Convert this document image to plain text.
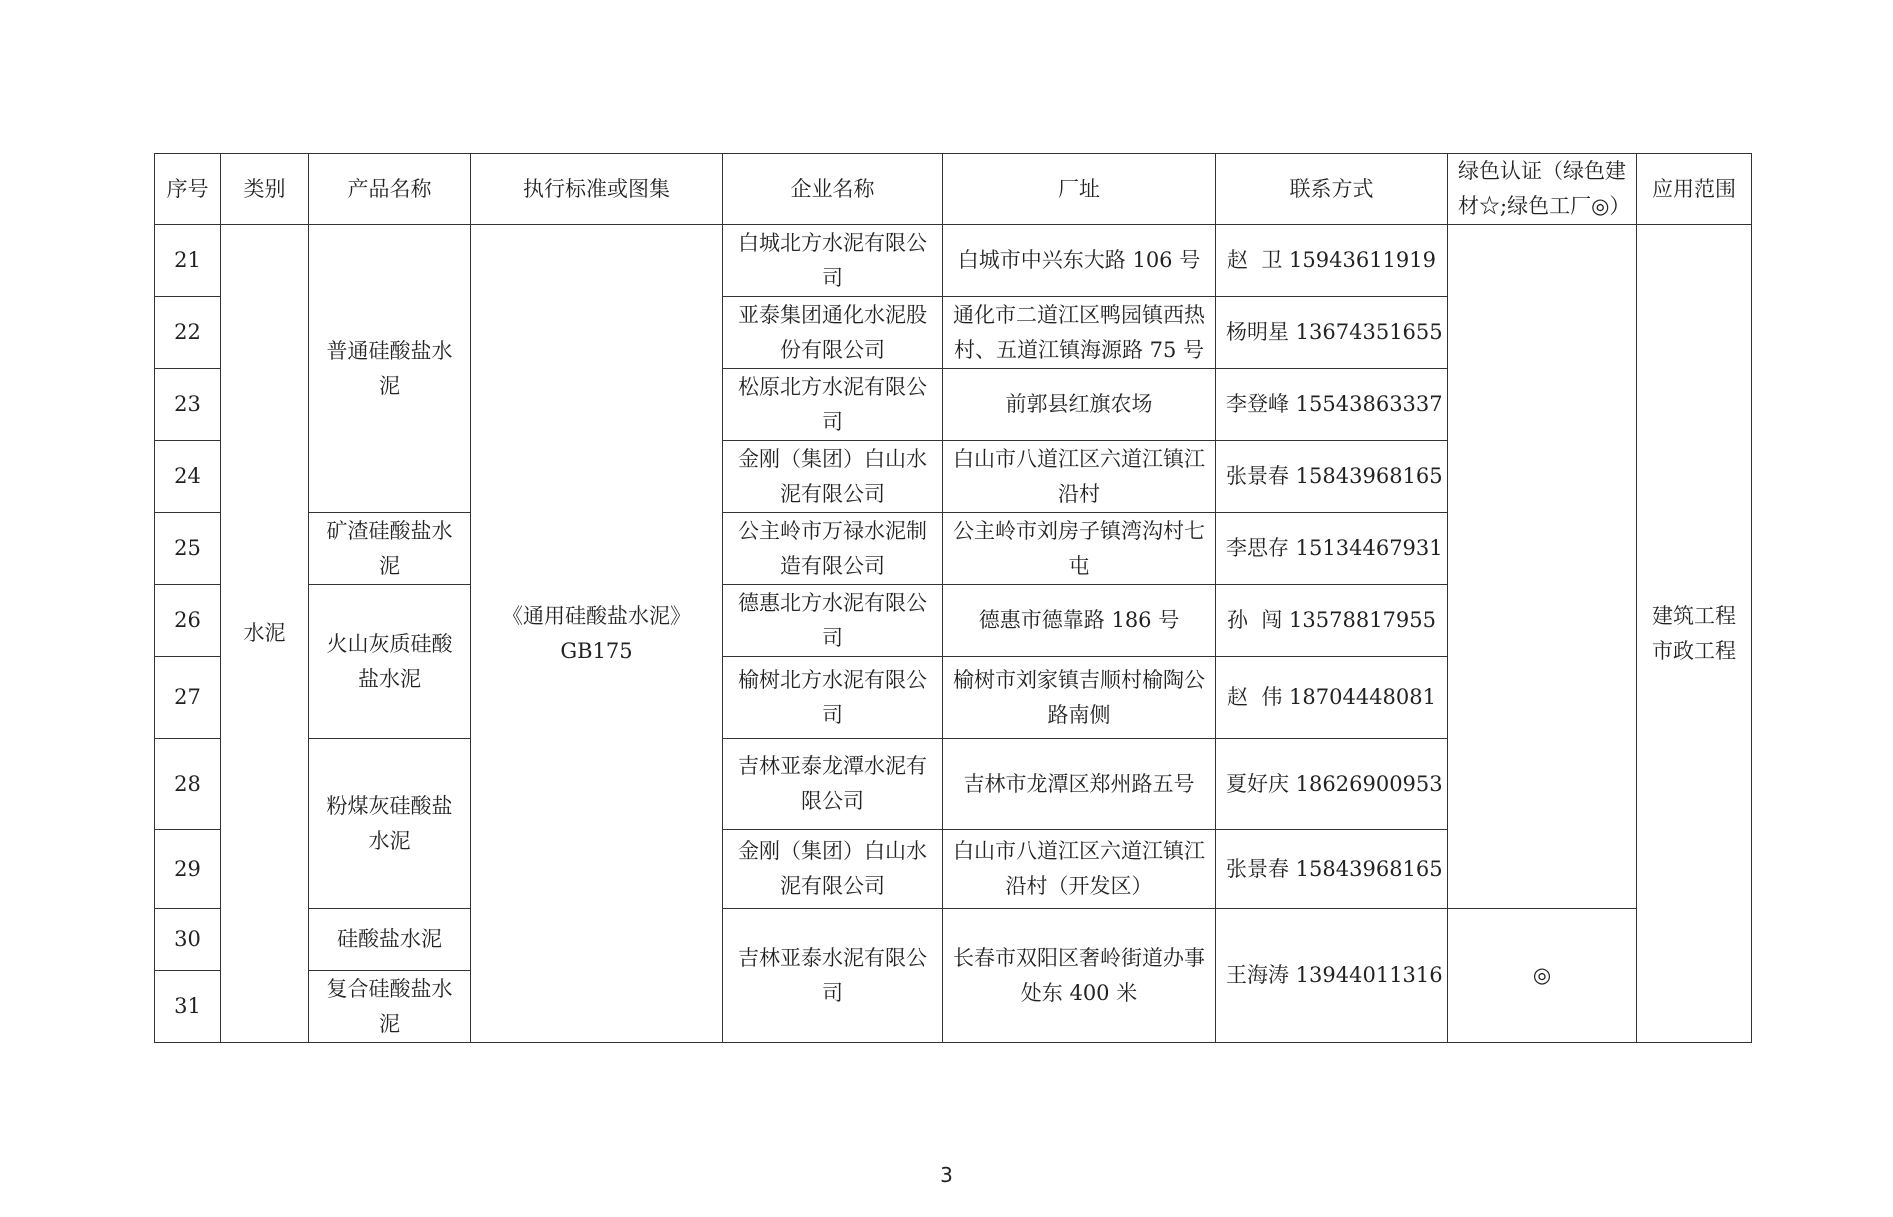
序号	类别	产品名称	执行标准或图集	企业名称	厂址	联系方式	绿色认证（绿色建材☆;绿色工厂◎）	应用范围
21	水泥	普通硅酸盐水泥	《通用硅酸盐水泥》GB175	白城北方水泥有限公司	白城市中兴东大路 106 号	赵  卫 15943611919		建筑工程 市政工程
22				亚泰集团通化水泥股份有限公司	通化市二道江区鸭园镇西热村、五道江镇海源路 75 号	杨明星 13674351655		
23				松原北方水泥有限公司	前郭县红旗农场	李登峰 15543863337		
24				金刚（集团）白山水泥有限公司	白山市八道江区六道江镇江沿村	张景春 15843968165		
25		矿渣硅酸盐水泥		公主岭市万禄水泥制造有限公司	公主岭市刘房子镇湾沟村七屯	李思存 15134467931		
26		火山灰质硅酸盐水泥		德惠北方水泥有限公司	德惠市德靠路 186 号	孙  闯 13578817955		
27				榆树北方水泥有限公司	榆树市刘家镇吉顺村榆陶公路南侧	赵  伟 18704448081		
28		粉煤灰硅酸盐水泥		吉林亚泰龙潭水泥有限公司	吉林市龙潭区郑州路五号	夏好庆 18626900953		
29				金刚（集团）白山水泥有限公司	白山市八道江区六道江镇江沿村（开发区）	张景春 15843968165		
30		硅酸盐水泥		吉林亚泰水泥有限公司	长春市双阳区奢岭街道办事处东 400 米	王海涛 13944011316	◎	
31		复合硅酸盐水泥						
3
